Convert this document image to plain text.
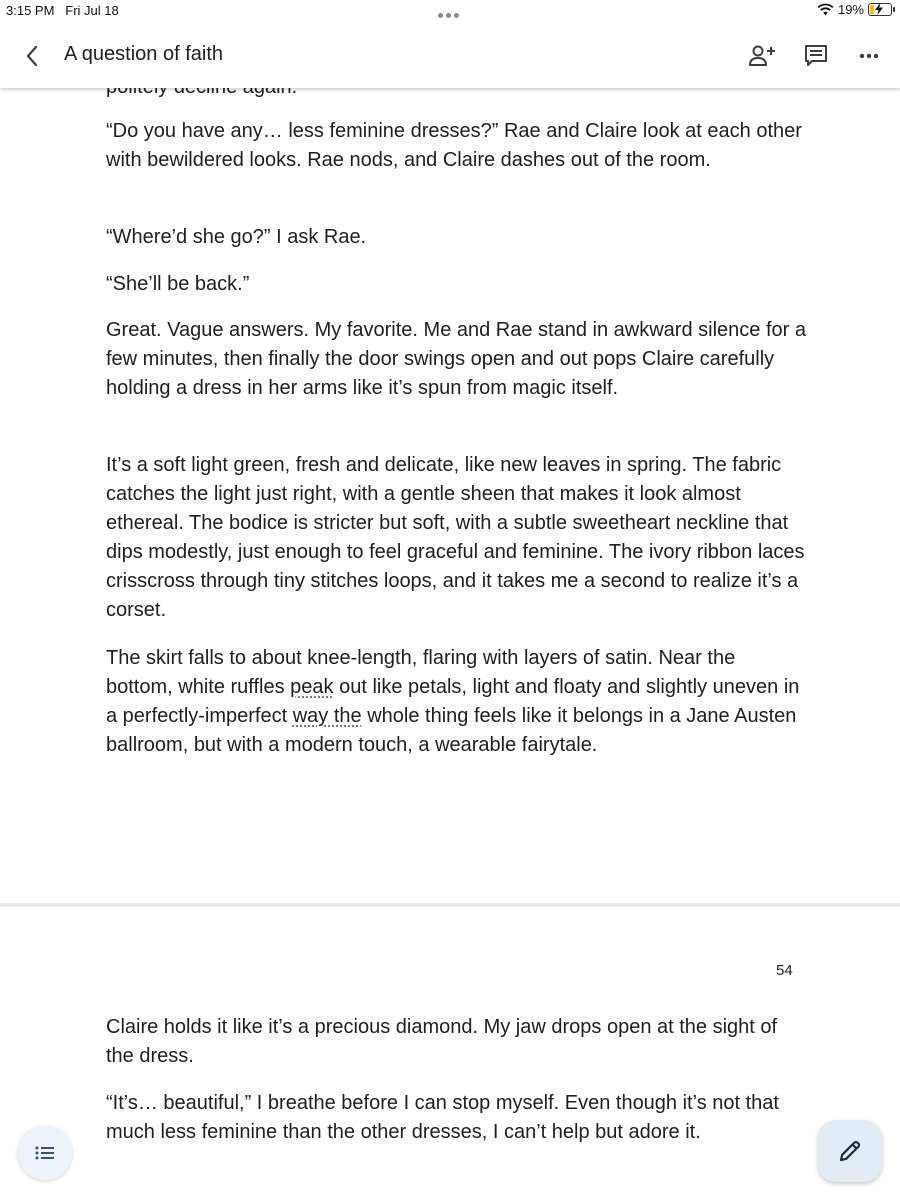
“Do you have any… less feminine dresses?” Rae and Claire look at each other with bewildered looks. Rae nods, and Claire dashes out of the room.

“Where’d she go?” I ask Rae.

“She’ll be back.”

Great. Vague answers. My favorite. Me and Rae stand in awkward silence for a few minutes, then finally the door swings open and out pops Claire carefully holding a dress in her arms like it’s spun from magic itself.

It’s a soft light green, fresh and delicate, like new leaves in spring. The fabric catches the light just right, with a gentle sheen that makes it look almost ethereal. The bodice is stricter but soft, with a subtle sweetheart neckline that dips modestly, just enough to feel graceful and feminine. The ivory ribbon laces crisscross through tiny stitches loops, and it takes me a second to realize it’s a corset.

The skirt falls to about knee-length, flaring with layers of satin. Near the bottom, white ruffles peak out like petals, light and floaty and slightly uneven in a perfectly-imperfect way the whole thing feels like it belongs in a Jane Austen ballroom, but with a modern touch, a wearable fairytale.

54

Claire holds it like it’s a precious diamond. My jaw drops open at the sight of the dress.

“It’s… beautiful,” I breathe before I can stop myself. Even though it’s not that much less feminine than the other dresses, I can’t help but adore it.

3:15 PM Fri Jul 18	19%
A question of faith
